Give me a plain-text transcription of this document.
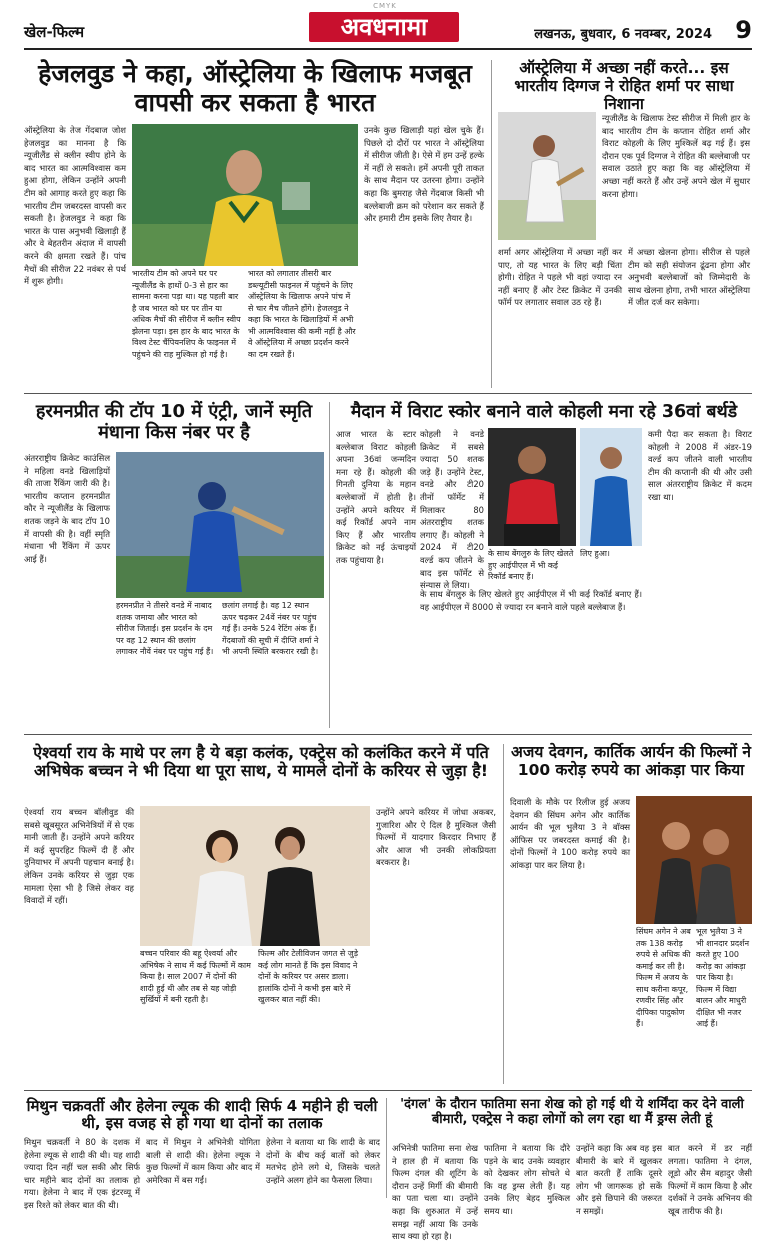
CMYK
खेल-फिल्म	अवधनामा	लखनऊ, बुधवार, 6 नवम्बर, 2024 9
हेजलवुड ने कहा, ऑस्ट्रेलिया के खिलाफ मजबूत वापसी कर सकता है भारत
ऑस्ट्रेलिया के तेज गेंदबाज जोश हेजलवुड का मानना है कि न्यूजीलैंड से क्लीन स्वीप होने के बाद भारत का आत्मविश्वास कम हुआ होगा, लेकिन उन्होंने अपनी टीम को आगाह करते हुए कहा कि भारतीय टीम जबरदस्त वापसी कर सकती है। हेजलवुड ने कहा कि भारत के पास अनुभवी खिलाड़ी हैं और वे बेहतरीन अंदाज में वापसी करने की क्षमता रखते हैं। पांच मैचों की सीरीज 22 नवंबर से पर्थ में शुरू होगी।
भारतीय टीम को अपने घर पर न्यूजीलैंड के हाथों 0-3 से हार का सामना करना पड़ा था। यह पहली बार है जब भारत को घर पर तीन या अधिक मैचों की सीरीज में क्लीन स्वीप झेलना पड़ा। इस हार के बाद भारत के विश्व टेस्ट चैंपियनशिप के फाइनल में पहुंचने की राह मुश्किल हो गई है।
भारत को लगातार तीसरी बार डब्ल्यूटीसी फाइनल में पहुंचने के लिए ऑस्ट्रेलिया के खिलाफ अपने पांच में से चार मैच जीतने होंगे। हेजलवुड ने कहा कि भारत के खिलाड़ियों में अभी भी आत्मविश्वास की कमी नहीं है और वे ऑस्ट्रेलिया में अच्छा प्रदर्शन करने का दम रखते हैं।
उनके कुछ खिलाड़ी यहां खेल चुके हैं। पिछले दो दौरों पर भारत ने ऑस्ट्रेलिया में सीरीज जीती है। ऐसे में हम उन्हें हल्के में नहीं ले सकते। हमें अपनी पूरी ताकत के साथ मैदान पर उतरना होगा। उन्होंने कहा कि बुमराह जैसे गेंदबाज किसी भी बल्लेबाजी क्रम को परेशान कर सकते हैं और हमारी टीम इसके लिए तैयार है।
ऑस्ट्रेलिया में अच्छा नहीं करते... इस भारतीय दिग्गज ने रोहित शर्मा पर साधा निशाना
न्यूजीलैंड के खिलाफ टेस्ट सीरीज में मिली हार के बाद भारतीय टीम के कप्तान रोहित शर्मा और विराट कोहली के लिए मुश्किलें बढ़ गई हैं। इस दौरान एक पूर्व दिग्गज ने रोहित की बल्लेबाजी पर सवाल उठाते हुए कहा कि वह ऑस्ट्रेलिया में अच्छा नहीं करते हैं और उन्हें अपने खेल में सुधार करना होगा।
शर्मा अगर ऑस्ट्रेलिया में अच्छा नहीं कर पाए, तो यह भारत के लिए बड़ी चिंता होगी। रोहित ने पहले भी वहां ज्यादा रन नहीं बनाए हैं और टेस्ट क्रिकेट में उनकी फॉर्म पर लगातार सवाल उठ रहे हैं।
में अच्छा खेलना होगा। सीरीज से पहले टीम को सही संयोजन ढूंढना होगा और अनुभवी बल्लेबाजों को जिम्मेदारी के साथ खेलना होगा, तभी भारत ऑस्ट्रेलिया में जीत दर्ज कर सकेगा।
हरमनप्रीत की टॉप 10 में एंट्री, जानें स्मृति मंधाना किस नंबर पर है
अंतरराष्ट्रीय क्रिकेट काउंसिल ने महिला वनडे खिलाड़ियों की ताजा रैंकिंग जारी की है। भारतीय कप्तान हरमनप्रीत कौर ने न्यूजीलैंड के खिलाफ शतक जड़ने के बाद टॉप 10 में वापसी की है। वहीं स्मृति मंधाना भी रैंकिंग में ऊपर आई हैं।
हरमनप्रीत ने तीसरे वनडे में नाबाद शतक जमाया और भारत को सीरीज जिताई। इस प्रदर्शन के दम पर वह 12 स्थान की छलांग लगाकर नौवें नंबर पर पहुंच गई हैं।
छलांग लगाई है। वह 12 स्थान ऊपर चढ़कर 24वें नंबर पर पहुंच गई हैं। उनके 524 रेटिंग अंक हैं। गेंदबाजों की सूची में दीप्ति शर्मा ने भी अपनी स्थिति बरकरार रखी है।
मैदान में विराट स्कोर बनाने वाले कोहली मना रहे 36वां बर्थडे
आज भारत के स्टार बल्लेबाज विराट कोहली अपना 36वां जन्मदिन मना रहे हैं। कोहली की गिनती दुनिया के महान बल्लेबाजों में होती है। उन्होंने अपने करियर में कई रिकॉर्ड अपने नाम किए हैं और भारतीय क्रिकेट को नई ऊंचाइयों तक पहुंचाया है।
कोहली ने वनडे क्रिकेट में सबसे ज्यादा 50 शतक जड़े हैं। उन्होंने टेस्ट, वनडे और टी20 तीनों फॉर्मेट में मिलाकर 80 अंतरराष्ट्रीय शतक लगाए हैं। कोहली ने 2024 में टी20 वर्ल्ड कप जीतने के बाद इस फॉर्मेट से संन्यास ले लिया।
के साथ बेंगलुरु के लिए खेलते हुए आईपीएल में भी कई रिकॉर्ड बनाए हैं।
लिए हुआ।
के साथ बेंगलुरु के लिए खेलते हुए आईपीएल में भी कई रिकॉर्ड बनाए हैं। वह आईपीएल में 8000 से ज्यादा रन बनाने वाले पहले बल्लेबाज हैं।
कमी पैदा कर सकता है। विराट कोहली ने 2008 में अंडर-19 वर्ल्ड कप जीतने वाली भारतीय टीम की कप्तानी की थी और उसी साल अंतरराष्ट्रीय क्रिकेट में कदम रखा था।
ऐश्वर्या राय के माथे पर लग है ये बड़ा कलंक, एक्ट्रेस को कलंकित करने में पति अभिषेक बच्चन ने भी दिया था पूरा साथ, ये मामले दोनों के करियर से जुड़ा है!
ऐश्वर्या राय बच्चन बॉलीवुड की सबसे खूबसूरत अभिनेत्रियों में से एक मानी जाती हैं। उन्होंने अपने करियर में कई सुपरहिट फिल्में दी हैं और दुनियाभर में अपनी पहचान बनाई है। लेकिन उनके करियर से जुड़ा एक मामला ऐसा भी है जिसे लेकर वह विवादों में रहीं।
बच्चन परिवार की बहू ऐश्वर्या और अभिषेक ने साथ में कई फिल्मों में काम किया है। साल 2007 में दोनों की शादी हुई थी और तब से यह जोड़ी सुर्खियों में बनी रहती है।
फिल्म और टेलीविजन जगत से जुड़े कई लोग मानते हैं कि इस विवाद ने दोनों के करियर पर असर डाला। हालांकि दोनों ने कभी इस बारे में खुलकर बात नहीं की।
उन्होंने अपने करियर में जोधा अकबर, गुजारिश और ऐ दिल है मुश्किल जैसी फिल्मों में यादगार किरदार निभाए हैं और आज भी उनकी लोकप्रियता बरकरार है।
अजय देवगन, कार्तिक आर्यन की फिल्मों ने 100 करोड़ रुपये का आंकड़ा पार किया
दिवाली के मौके पर रिलीज हुई अजय देवगन की सिंघम अगेन और कार्तिक आर्यन की भूल भुलैया 3 ने बॉक्स ऑफिस पर जबरदस्त कमाई की है। दोनों फिल्मों ने 100 करोड़ रुपये का आंकड़ा पार कर लिया है।
सिंघम अगेन ने अब तक 138 करोड़ रुपये से अधिक की कमाई कर ली है। फिल्म में अजय के साथ करीना कपूर, रणवीर सिंह और दीपिका पादुकोण हैं।
भूल भुलैया 3 ने भी शानदार प्रदर्शन करते हुए 100 करोड़ का आंकड़ा पार किया है। फिल्म में विद्या बालन और माधुरी दीक्षित भी नजर आई हैं।
मिथुन चक्रवर्ती और हेलेना ल्यूक की शादी सिर्फ 4 महीने ही चली थी, इस वजह से हो गया था दोनों का तलाक
मिथुन चक्रवर्ती ने 80 के दशक में हेलेना ल्यूक से शादी की थी। यह शादी ज्यादा दिन नहीं चल सकी और सिर्फ चार महीने बाद दोनों का तलाक हो गया। हेलेना ने बाद में एक इंटरव्यू में इस रिश्ते को लेकर बात की थी।
बाद में मिथुन ने अभिनेत्री योगिता बाली से शादी की। हेलेना ल्यूक ने कुछ फिल्मों में काम किया और बाद में अमेरिका में बस गईं।
हेलेना ने बताया था कि शादी के बाद दोनों के बीच कई बातों को लेकर मतभेद होने लगे थे, जिसके चलते उन्होंने अलग होने का फैसला लिया।
'दंगल' के दौरान फातिमा सना शेख को हो गई थी ये शर्मिंदा कर देने वाली बीमारी, एक्ट्रेस ने कहा लोगों को लग रहा था मैं ड्रग्स लेती हूं
अभिनेत्री फातिमा सना शेख ने हाल ही में बताया कि फिल्म दंगल की शूटिंग के दौरान उन्हें मिर्गी की बीमारी का पता चला था। उन्होंने कहा कि शुरुआत में उन्हें समझ नहीं आया कि उनके साथ क्या हो रहा है।
फातिमा ने बताया कि दौरे पड़ने के बाद उनके व्यवहार को देखकर लोग सोचते थे कि वह ड्रग्स लेती हैं। यह उनके लिए बेहद मुश्किल समय था।
उन्होंने कहा कि अब वह इस बीमारी के बारे में खुलकर बात करती हैं ताकि दूसरे लोग भी जागरूक हो सकें और इसे छिपाने की जरूरत न समझें।
बात करने में डर नहीं लगता। फातिमा ने दंगल, लूडो और सैम बहादुर जैसी फिल्मों में काम किया है और दर्शकों ने उनके अभिनय की खूब तारीफ की है।
